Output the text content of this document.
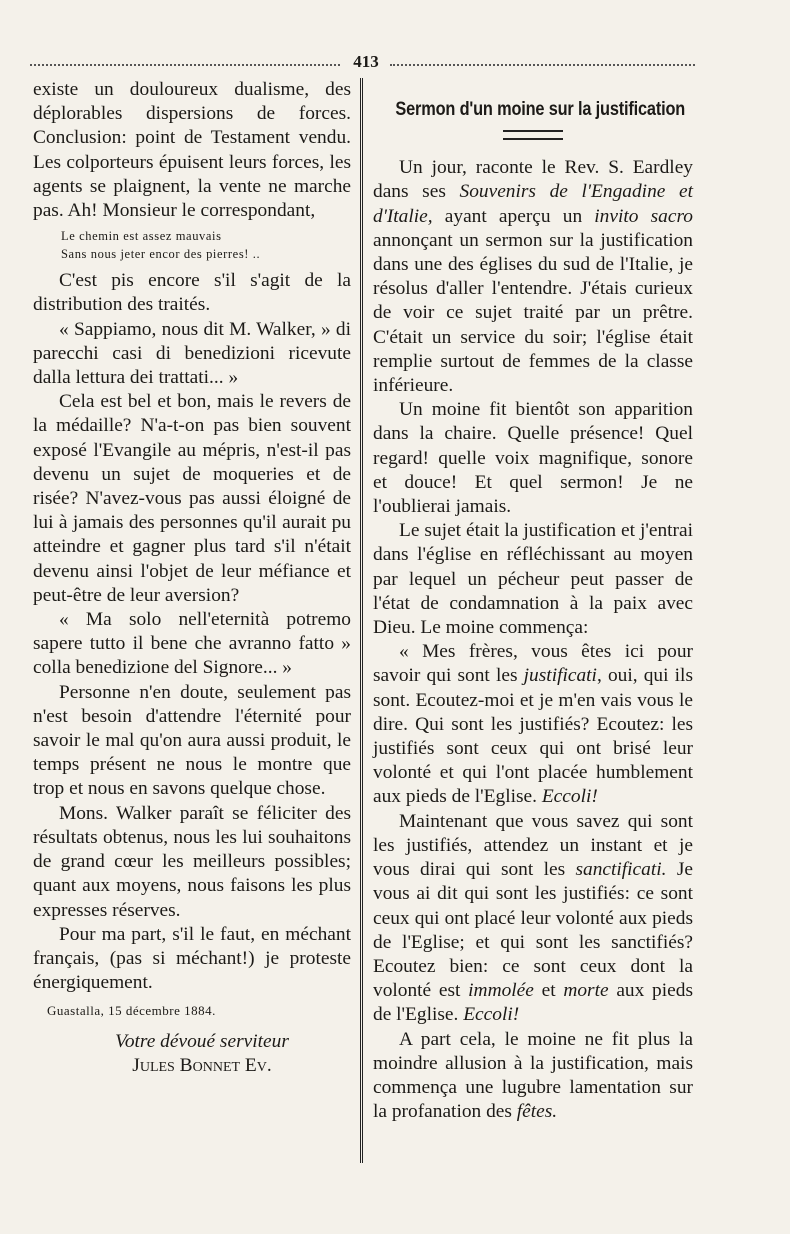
413

existe un douloureux dualisme, des déplorables dispersions de forces. Conclusion: point de Testament vendu. Les colporteurs épuisent leurs forces, les agents se plaignent, la vente ne marche pas. Ah! Monsieur le correspondant,

Le chemin est assez mauvais
Sans nous jeter encor des pierres! ..

C'est pis encore s'il s'agit de la distribution des traités.

« Sappiamo, nous dit M. Walker, » di parecchi casi di benedizioni ricevute dalla lettura dei trattati... »

Cela est bel et bon, mais le revers de la médaille? N'a-t-on pas bien souvent exposé l'Evangile au mépris, n'est-il pas devenu un sujet de moqueries et de risée? N'avez-vous pas aussi éloigné de lui à jamais des personnes qu'il aurait pu atteindre et gagner plus tard s'il n'était devenu ainsi l'objet de leur méfiance et peut-être de leur aversion?

« Ma solo nell'eternità potremo sapere tutto il bene che avranno fatto » colla benedizione del Signore... »

Personne n'en doute, seulement pas n'est besoin d'attendre l'éternité pour savoir le mal qu'on aura aussi produit, le temps présent ne nous le montre que trop et nous en savons quelque chose.

Mons. Walker paraît se féliciter des résultats obtenus, nous les lui souhaitons de grand cœur les meilleurs possibles; quant aux moyens, nous faisons les plus expresses réserves.

Pour ma part, s'il le faut, en méchant français, (pas si méchant!) je proteste énergiquement.

Guastalla, 15 décembre 1884.
Votre dévoué serviteur
Jules Bonnet Ev.
Sermon d'un moine sur la justification

Un jour, raconte le Rev. S. Eardley dans ses Souvenirs de l'Engadine et d'Italie, ayant aperçu un invito sacro annonçant un sermon sur la justification dans une des églises du sud de l'Italie, je résolus d'aller l'entendre. J'étais curieux de voir ce sujet traité par un prêtre. C'était un service du soir; l'église était remplie surtout de femmes de la classe inférieure.

Un moine fit bientôt son apparition dans la chaire. Quelle présence! Quel regard! quelle voix magnifique, sonore et douce! Et quel sermon! Je ne l'oublierai jamais.

Le sujet était la justification et j'entrai dans l'église en réfléchissant au moyen par lequel un pécheur peut passer de l'état de condamnation à la paix avec Dieu. Le moine commença:

« Mes frères, vous êtes ici pour savoir qui sont les justificati, oui, qui ils sont. Ecoutez-moi et je m'en vais vous le dire. Qui sont les justifiés? Ecoutez: les justifiés sont ceux qui ont brisé leur volonté et qui l'ont placée humblement aux pieds de l'Eglise. Eccoli!

Maintenant que vous savez qui sont les justifiés, attendez un instant et je vous dirai qui sont les sanctificati. Je vous ai dit qui sont les justifiés: ce sont ceux qui ont placé leur volonté aux pieds de l'Eglise; et qui sont les sanctifiés? Ecoutez bien: ce sont ceux dont la volonté est immolée et morte aux pieds de l'Eglise. Eccoli!

A part cela, le moine ne fit plus la moindre allusion à la justification, mais commença une lugubre lamentation sur la profanation des fêtes.
